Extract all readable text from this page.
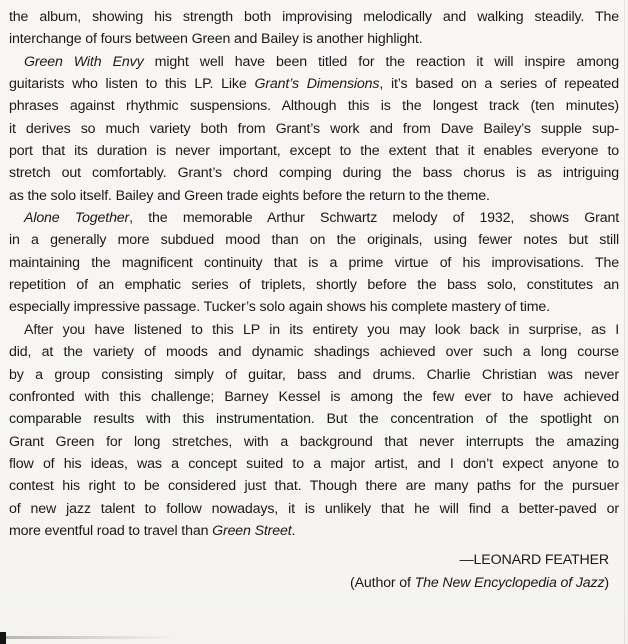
the album, showing his strength both improvising melodically and walking steadily. The
interchange of fours between Green and Bailey is another highlight.
Green With Envy might well have been titled for the reaction it will inspire among
guitarists who listen to this LP. Like Grant’s Dimensions, it’s based on a series of repeated
phrases against rhythmic suspensions. Although this is the longest track (ten minutes)
it derives so much variety both from Grant’s work and from Dave Bailey’s supple sup-
port that its duration is never important, except to the extent that it enables everyone to
stretch out comfortably. Grant’s chord comping during the bass chorus is as intriguing
as the solo itself. Bailey and Green trade eights before the return to the theme.
Alone Together, the memorable Arthur Schwartz melody of 1932, shows Grant
in a generally more subdued mood than on the originals, using fewer notes but still
maintaining the magnificent continuity that is a prime virtue of his improvisations. The
repetition of an emphatic series of triplets, shortly before the bass solo, constitutes an
especially impressive passage. Tucker’s solo again shows his complete mastery of time.
After you have listened to this LP in its entirety you may look back in surprise, as I
did, at the variety of moods and dynamic shadings achieved over such a long course
by a group consisting simply of guitar, bass and drums. Charlie Christian was never
confronted with this challenge; Barney Kessel is among the few ever to have achieved
comparable results with this instrumentation. But the concentration of the spotlight on
Grant Green for long stretches, with a background that never interrupts the amazing
flow of his ideas, was a concept suited to a major artist, and I don’t expect anyone to
contest his right to be considered just that. Though there are many paths for the pursuer
of new jazz talent to follow nowadays, it is unlikely that he will find a better-paved or
more eventful road to travel than Green Street.
—LEONARD FEATHER
(Author of The New Encyclopedia of Jazz)
